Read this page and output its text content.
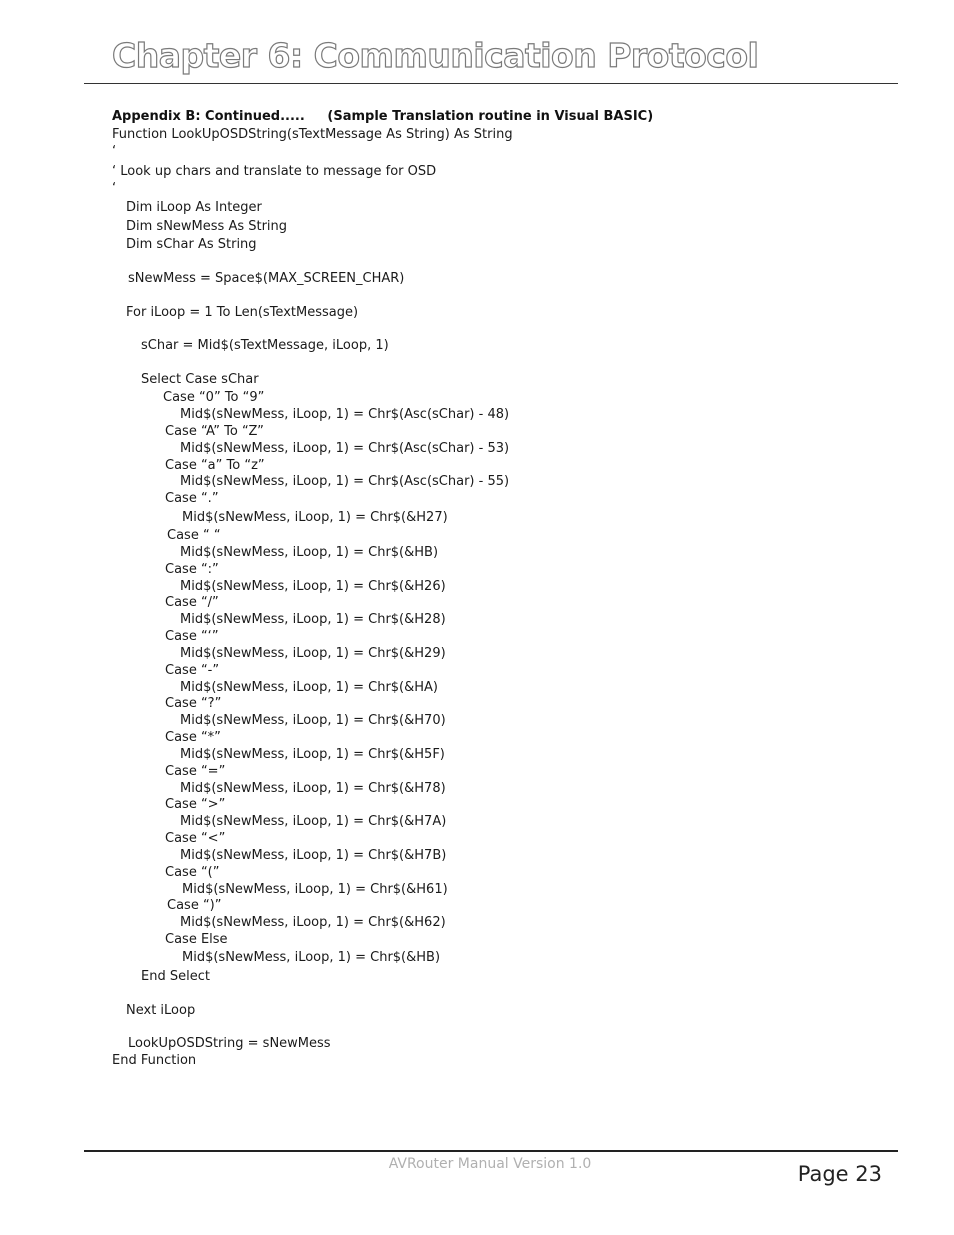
Chapter 6: Communication Protocol
Appendix B: Continued.....     (Sample Translation routine in Visual BASIC)
Function LookUpOSDString(sTextMessage As String) As String
‘
‘ Look up chars and translate to message for OSD
‘
Dim iLoop As Integer
Dim sNewMess As String
Dim sChar As String
sNewMess = Space$(MAX_SCREEN_CHAR)
For iLoop = 1 To Len(sTextMessage)
sChar = Mid$(sTextMessage, iLoop, 1)
Select Case sChar
Case “0” To “9”
Mid$(sNewMess, iLoop, 1) = Chr$(Asc(sChar) - 48)
Case “A” To “Z”
Mid$(sNewMess, iLoop, 1) = Chr$(Asc(sChar) - 53)
Case “a” To “z”
Mid$(sNewMess, iLoop, 1) = Chr$(Asc(sChar) - 55)
Case “.”
Mid$(sNewMess, iLoop, 1) = Chr$(&H27)
Case “ “
Mid$(sNewMess, iLoop, 1) = Chr$(&HB)
Case “:”
Mid$(sNewMess, iLoop, 1) = Chr$(&H26)
Case “/”
Mid$(sNewMess, iLoop, 1) = Chr$(&H28)
Case “‘”
Mid$(sNewMess, iLoop, 1) = Chr$(&H29)
Case “-”
Mid$(sNewMess, iLoop, 1) = Chr$(&HA)
Case “?”
Mid$(sNewMess, iLoop, 1) = Chr$(&H70)
Case “*”
Mid$(sNewMess, iLoop, 1) = Chr$(&H5F)
Case “=”
Mid$(sNewMess, iLoop, 1) = Chr$(&H78)
Case “>”
Mid$(sNewMess, iLoop, 1) = Chr$(&H7A)
Case “<”
Mid$(sNewMess, iLoop, 1) = Chr$(&H7B)
Case “(”
Mid$(sNewMess, iLoop, 1) = Chr$(&H61)
Case “)”
Mid$(sNewMess, iLoop, 1) = Chr$(&H62)
Case Else
Mid$(sNewMess, iLoop, 1) = Chr$(&HB)
End Select
Next iLoop
LookUpOSDString = sNewMess
End Function
AVRouter Manual Version 1.0	Page 23
